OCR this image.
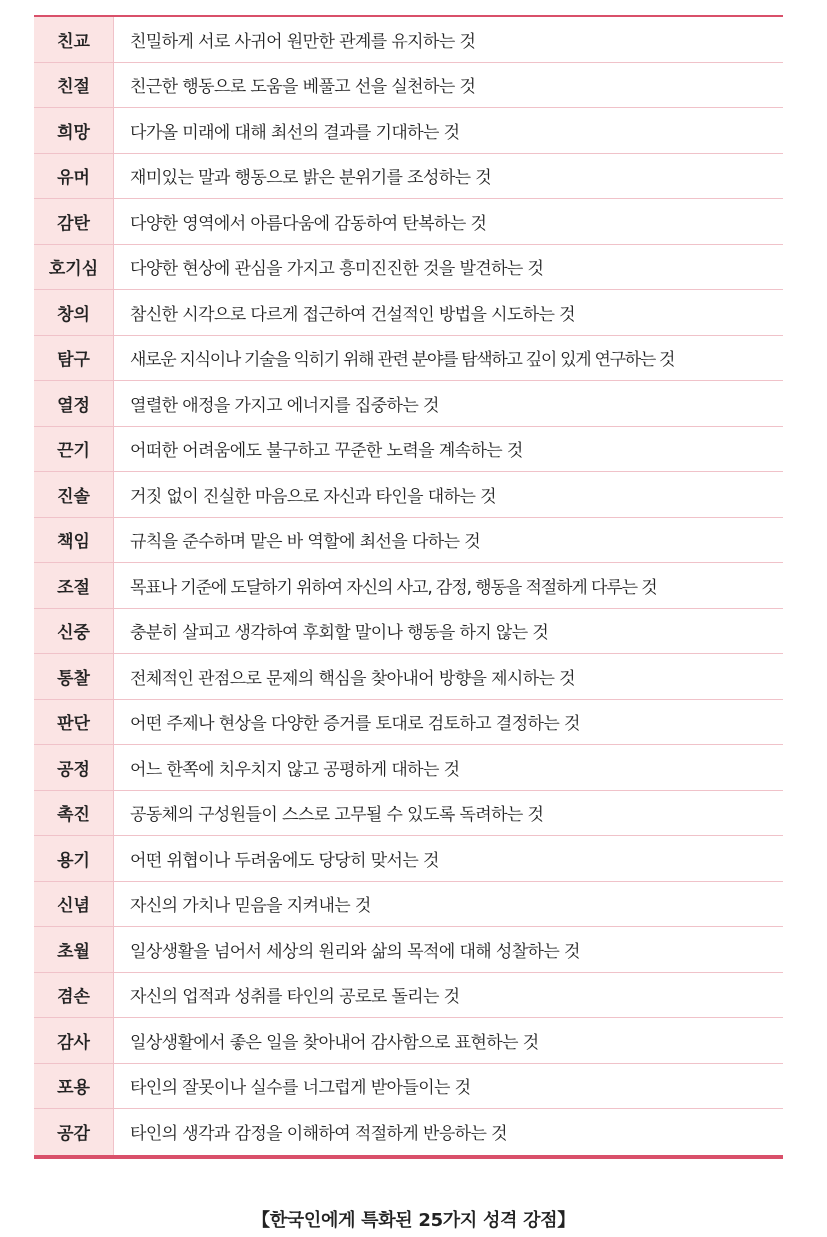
친교	친밀하게 서로 사귀어 원만한 관계를 유지하는 것
친절	친근한 행동으로 도움을 베풀고 선을 실천하는 것
희망	다가올 미래에 대해 최선의 결과를 기대하는 것
유머	재미있는 말과 행동으로 밝은 분위기를 조성하는 것
감탄	다양한 영역에서 아름다움에 감동하여 탄복하는 것
호기심	다양한 현상에 관심을 가지고 흥미진진한 것을 발견하는 것
창의	참신한 시각으로 다르게 접근하여 건설적인 방법을 시도하는 것
탐구	새로운 지식이나 기술을 익히기 위해 관련 분야를 탐색하고 깊이 있게 연구하는 것
열정	열렬한 애정을 가지고 에너지를 집중하는 것
끈기	어떠한 어려움에도 불구하고 꾸준한 노력을 계속하는 것
진솔	거짓 없이 진실한 마음으로 자신과 타인을 대하는 것
책임	규칙을 준수하며 맡은 바 역할에 최선을 다하는 것
조절	목표나 기준에 도달하기 위하여 자신의 사고, 감정, 행동을 적절하게 다루는 것
신중	충분히 살피고 생각하여 후회할 말이나 행동을 하지 않는 것
통찰	전체적인 관점으로 문제의 핵심을 찾아내어 방향을 제시하는 것
판단	어떤 주제나 현상을 다양한 증거를 토대로 검토하고 결정하는 것
공정	어느 한쪽에 치우치지 않고 공평하게 대하는 것
촉진	공동체의 구성원들이 스스로 고무될 수 있도록 독려하는 것
용기	어떤 위협이나 두려움에도 당당히 맞서는 것
신념	자신의 가치나 믿음을 지켜내는 것
초월	일상생활을 넘어서 세상의 원리와 삶의 목적에 대해 성찰하는 것
겸손	자신의 업적과 성취를 타인의 공로로 돌리는 것
감사	일상생활에서 좋은 일을 찾아내어 감사함으로 표현하는 것
포용	타인의 잘못이나 실수를 너그럽게 받아들이는 것
공감	타인의 생각과 감정을 이해하여 적절하게 반응하는 것
【한국인에게 특화된 25가지 성격 강점】
